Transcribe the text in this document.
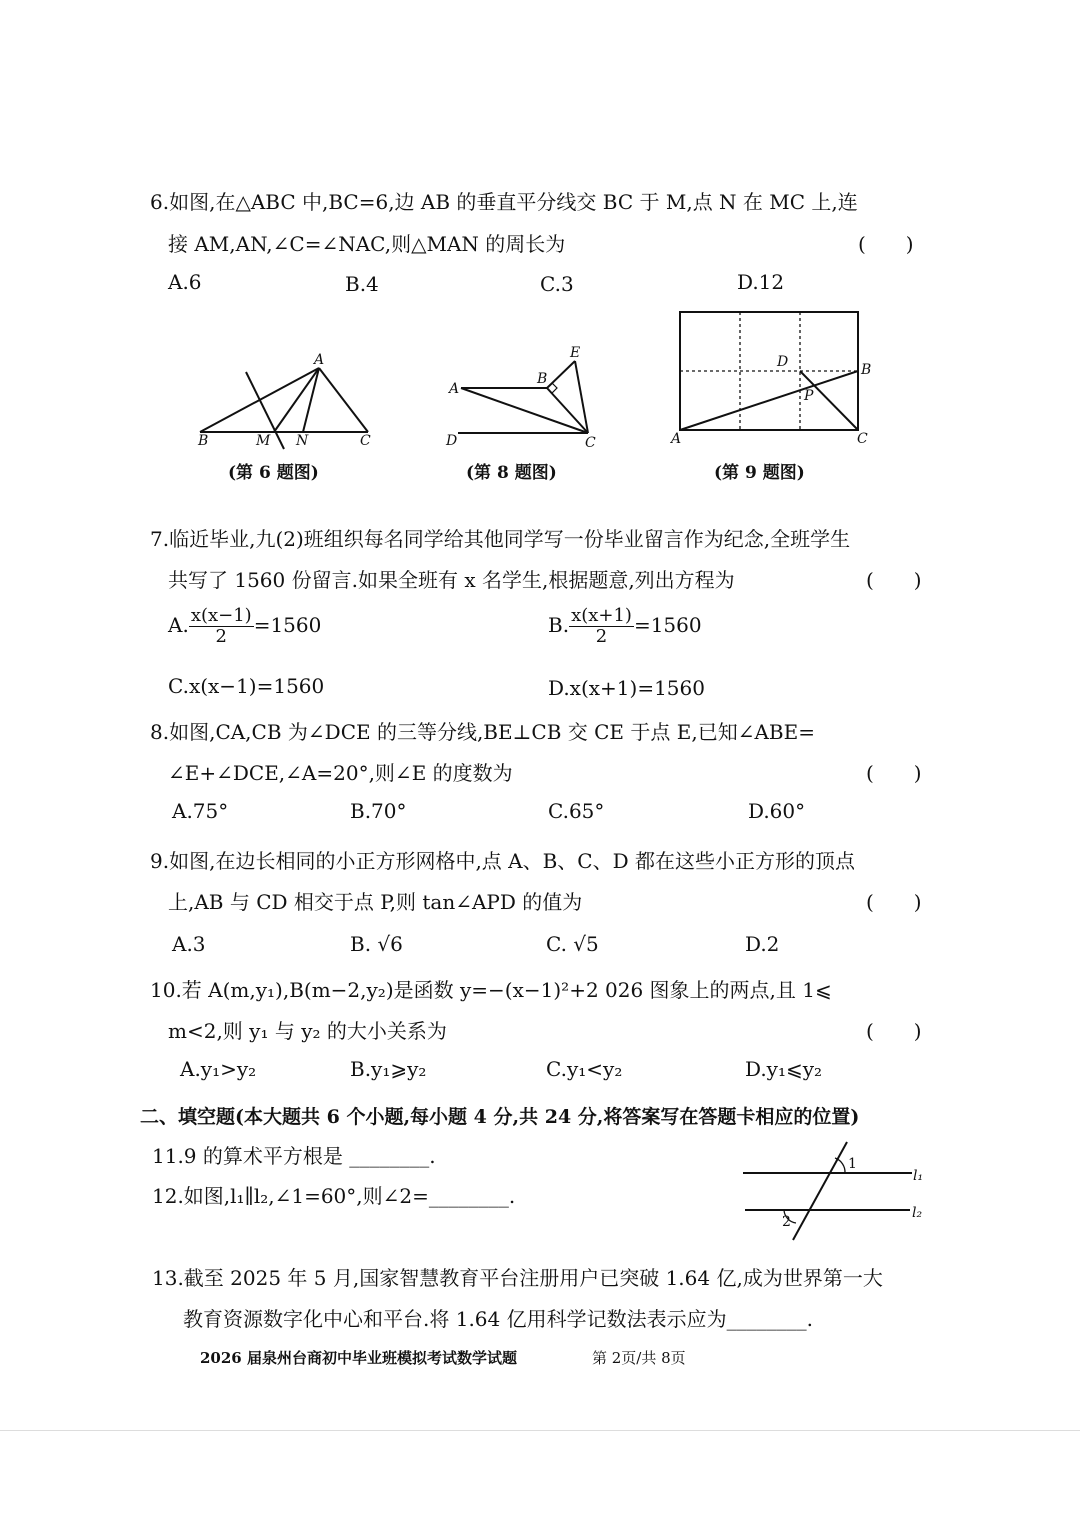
6.如图,在△ABC 中,BC=6,边 AB 的垂直平分线交 BC 于 M,点 N 在 MC 上,连
接 AM,AN,∠C=∠NAC,则△MAN 的周长为	(　　)
A.6	B.4	C.3	D.12
A
B	M N	C
A
B
E
D	C
D	B
P
A	C
(第 6 题图)	(第 8 题图)	(第 9 题图)
7.临近毕业,九(2)班组织每名同学给其他同学写一份毕业留言作为纪念,全班学生
共写了 1560 份留言.如果全班有 x 名学生,根据题意,列出方程为	(　　)
A. $\frac{x(x-1)}{2} =1560$	B. $\frac{x(x+1)}{2} =1560$
C.x(x−1)=1560	D.x(x+1)=1560
8.如图,CA,CB 为∠DCE 的三等分线,BE⊥CB 交 CE 于点 E,已知∠ABE=
∠E+∠DCE,∠A=20°,则∠E 的度数为	(　　)
A.75°	B.70°	C.65°	D.60°
9.如图,在边长相同的小正方形网格中,点 A、B、C、D 都在这些小正方形的顶点
上,AB 与 CD 相交于点 P,则 tan∠APD 的值为	(　　)
A.3	B. √6	C. √5	D.2
10.若 A(m,y₁),B(m−2,y₂)是函数 y=−(x−1)²+2 026 图象上的两点,且 1⩽
m<2,则 y₁ 与 y₂ 的大小关系为	(　　)
A.y₁>y₂	B.y₁⩾y₂	C.y₁<y₂	D.y₁⩽y₂
二、填空题(本大题共 6 个小题,每小题 4 分,共 24 分,将答案写在答题卡相应的位置)
11.9 的算术平方根是 ________.
12.如图,l₁∥l₂,∠1=60°,则∠2=________.
1
2
l₁
l₂
13.截至 2025 年 5 月,国家智慧教育平台注册用户已突破 1.64 亿,成为世界第一大
教育资源数字化中心和平台.将 1.64 亿用科学记数法表示应为________.
2026 届泉州台商初中毕业班模拟考试数学试题	第 2页/共 8页
